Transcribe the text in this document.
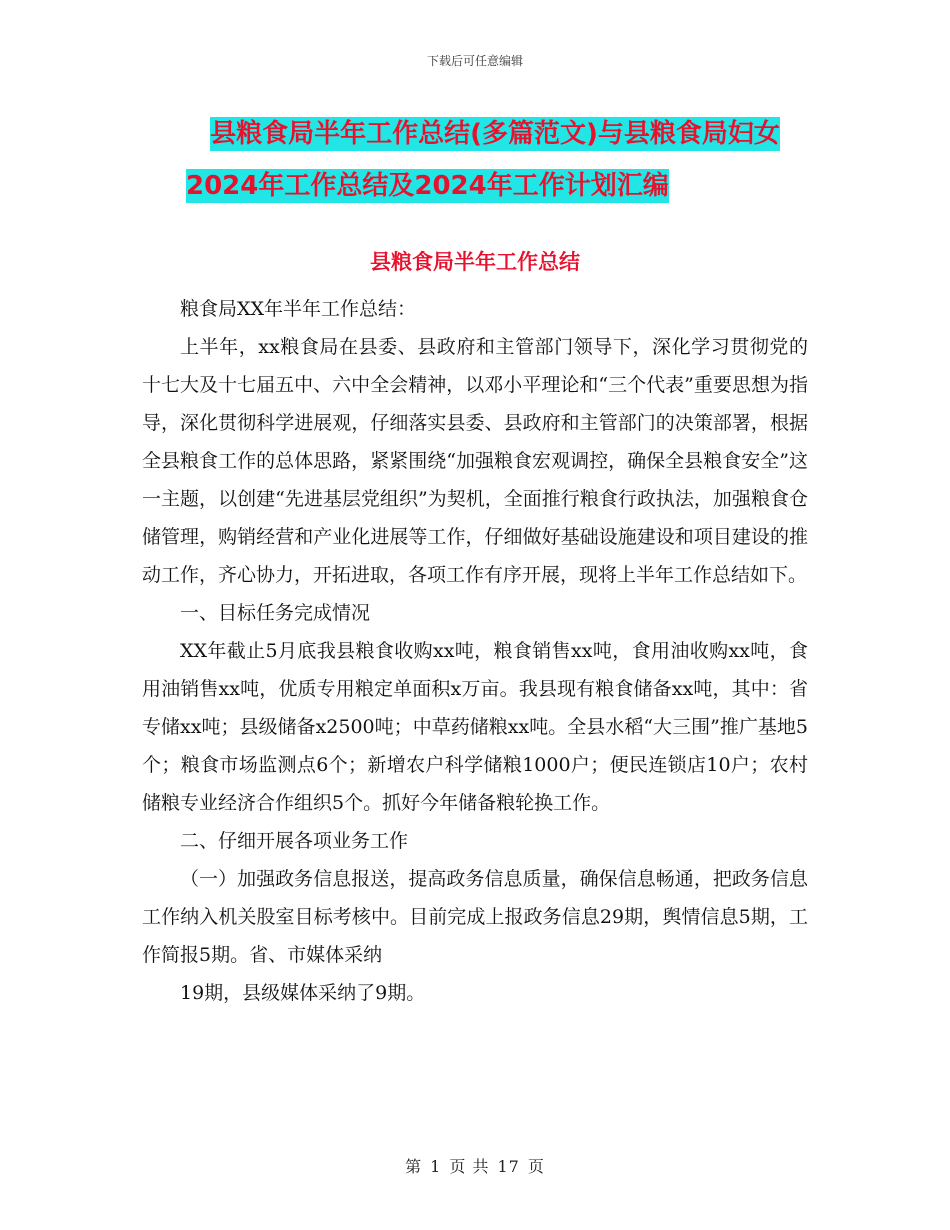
下载后可任意编辑
县粮食局半年工作总结(多篇范文)与县粮食局妇女
2024年工作总结及2024年工作计划汇编
县粮食局半年工作总结

粮食局XX年半年工作总结：

上半年，xx粮食局在县委、县政府和主管部门领导下，深化学习贯彻党的十七大及十七届五中、六中全会精神，以邓小平理论和“三个代表”重要思想为指导，深化贯彻科学进展观，仔细落实县委、县政府和主管部门的决策部署，根据全县粮食工作的总体思路，紧紧围绕“加强粮食宏观调控，确保全县粮食安全”这一主题，以创建“先进基层党组织”为契机，全面推行粮食行政执法，加强粮食仓储管理，购销经营和产业化进展等工作，仔细做好基础设施建设和项目建设的推动工作，齐心协力，开拓进取，各项工作有序开展，现将上半年工作总结如下。

一、目标任务完成情况

XX年截止5月底我县粮食收购xx吨，粮食销售xx吨，食用油收购xx吨，食用油销售xx吨，优质专用粮定单面积x万亩。我县现有粮食储备xx吨，其中：省专储xx吨；县级储备x2500吨；中草药储粮xx吨。全县水稻“大三围”推广基地5个；粮食市场监测点6个；新增农户科学储粮1000户；便民连锁店10户；农村储粮专业经济合作组织5个。抓好今年储备粮轮换工作。

二、仔细开展各项业务工作

（一）加强政务信息报送，提高政务信息质量，确保信息畅通，把政务信息工作纳入机关股室目标考核中。目前完成上报政务信息29期，舆情信息5期，工作简报5期。省、市媒体采纳

19期，县级媒体采纳了9期。

第 1 页 共 17 页
